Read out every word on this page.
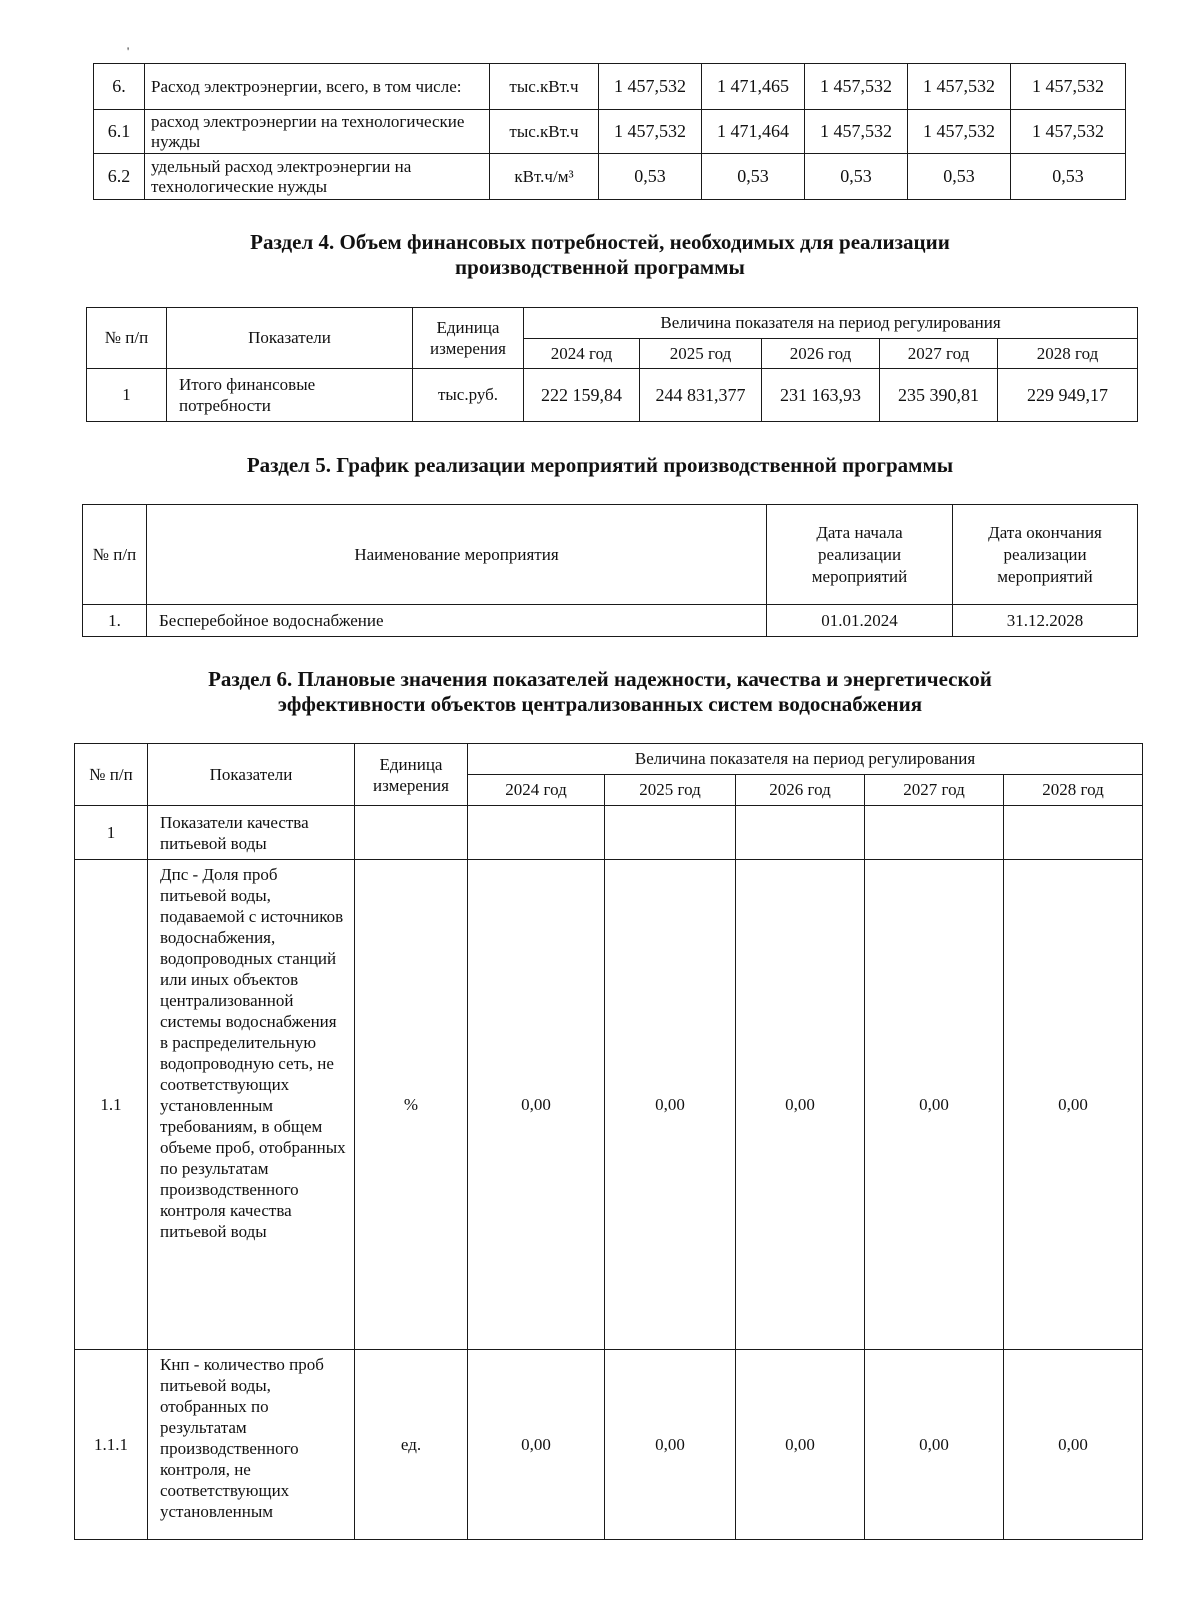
'
6.	Расход электроэнергии, всего, в том числе:	тыс.кВт.ч	1 457,532	1 471,465	1 457,532	1 457,532	1 457,532
6.1	расход электроэнергии на технологические нужды	тыс.кВт.ч	1 457,532	1 471,464	1 457,532	1 457,532	1 457,532
6.2	удельный расход электроэнергии на технологические нужды	кВт.ч/м³	0,53	0,53	0,53	0,53	0,53
Раздел 4. Объем финансовых потребностей, необходимых для реализации
производственной программы
№ п/п	Показатели	Единица измерения	Величина показателя на период регулирования				
			2024 год	2025 год	2026 год	2027 год	2028 год
1	Итого финансовые потребности	тыс.руб.	222 159,84	244 831,377	231 163,93	235 390,81	229 949,17
Раздел 5. График реализации мероприятий производственной программы
№ п/п	Наименование мероприятия	Дата начала реализации мероприятий	Дата окончания реализации мероприятий
1.	Бесперебойное водоснабжение	01.01.2024	31.12.2028
Раздел 6. Плановые значения показателей надежности, качества и энергетической
эффективности объектов централизованных систем водоснабжения
№ п/п	Показатели	Единица измерения	Величина показателя на период регулирования				
			2024 год	2025 год	2026 год	2027 год	2028 год
1	Показатели качества питьевой воды						
1.1	Дпс - Доля проб питьевой воды, подаваемой с источников водоснабжения, водопроводных станций или иных объектов централизованной системы водоснабжения в распределительную водопроводную сеть, не соответствующих установленным требованиям, в общем объеме проб, отобранных по результатам производственного контроля качества питьевой воды	%	0,00	0,00	0,00	0,00	0,00
1.1.1	Кнп - количество проб питьевой воды, отобранных по результатам производственного контроля, не соответствующих установленным	ед.	0,00	0,00	0,00	0,00	0,00
